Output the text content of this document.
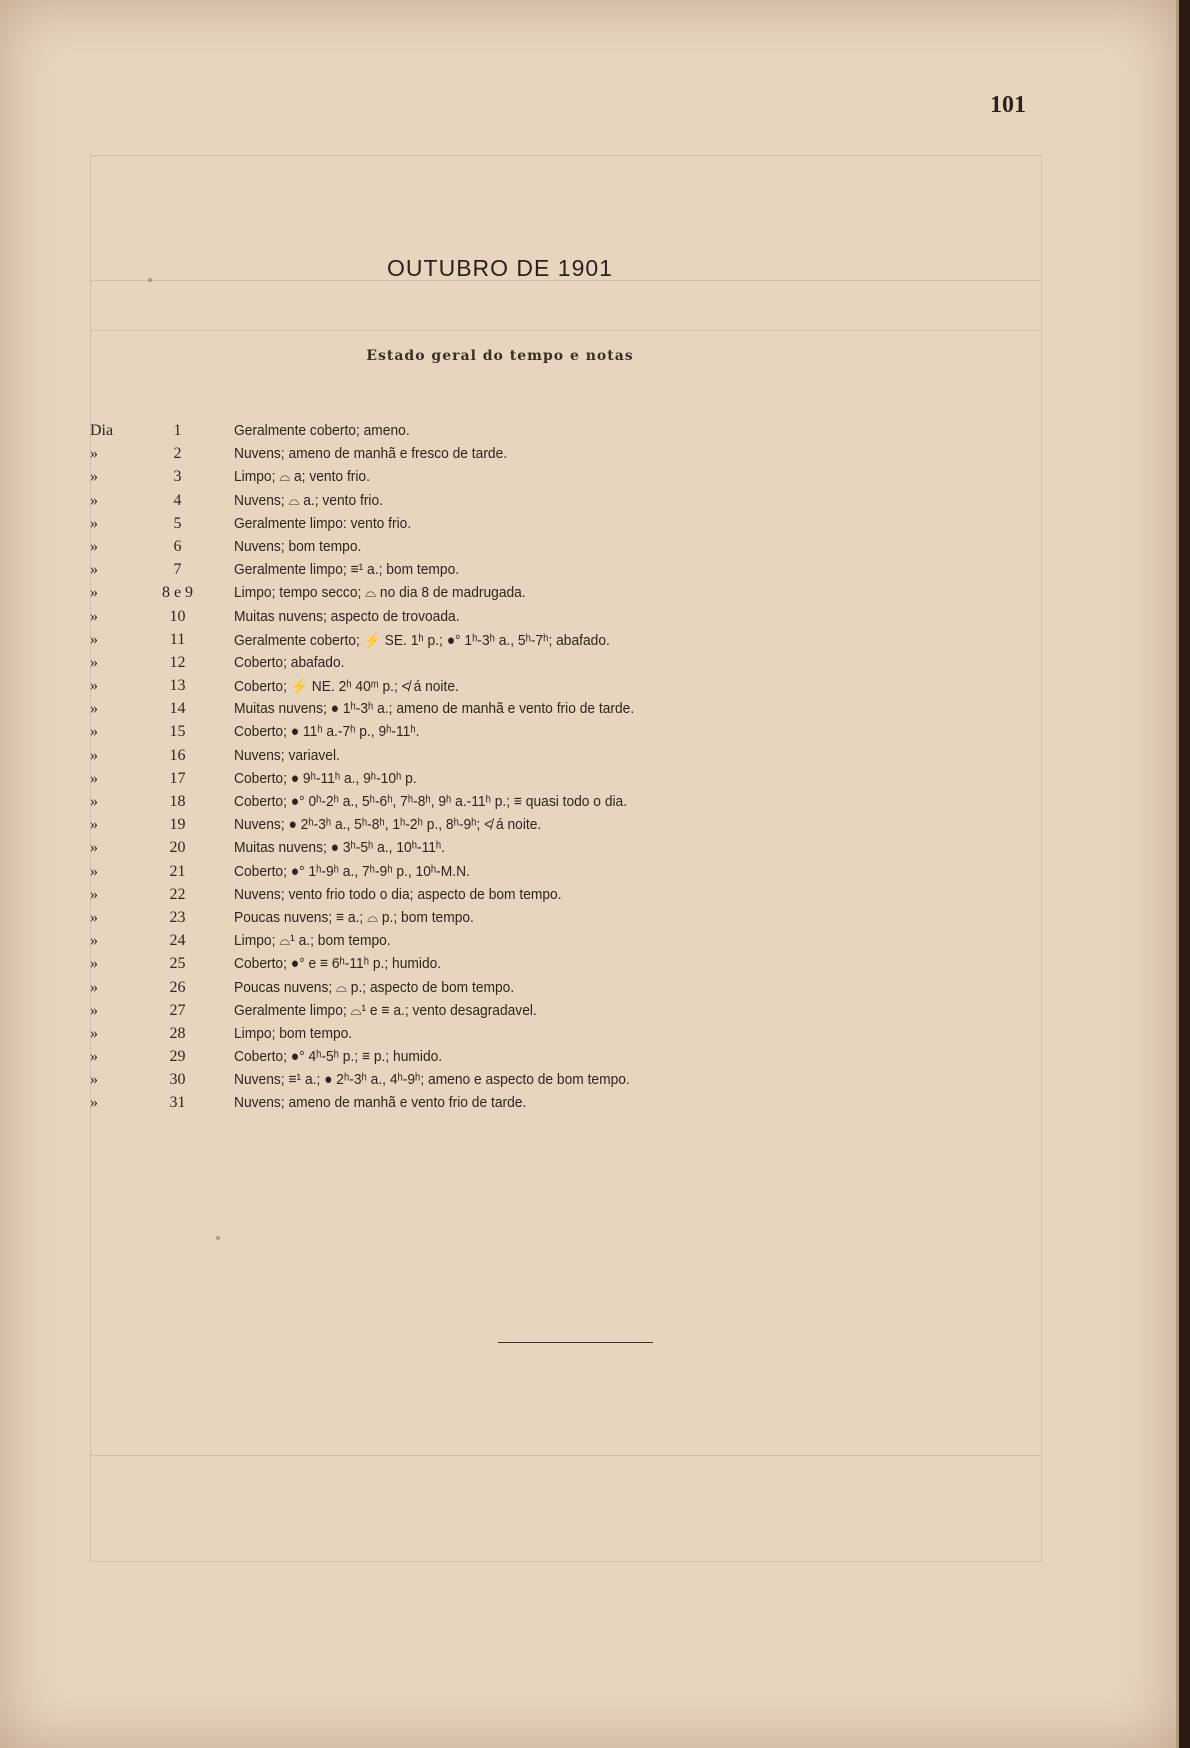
101
OUTUBRO DE 1901
Estado geral do tempo e notas
Dia	1	Geralmente coberto; ameno.
»	2	Nuvens; ameno de manhã e fresco de tarde.
»	3	Limpo; ⌓ a; vento frio.
»	4	Nuvens; ⌓ a.; vento frio.
»	5	Geralmente limpo: vento frio.
»	6	Nuvens; bom tempo.
»	7	Geralmente limpo; ≡¹ a.; bom tempo.
»	8 e 9	Limpo; tempo secco; ⌓ no dia 8 de madrugada.
»	10	Muitas nuvens; aspecto de trovoada.
»	11	Geralmente coberto; ⚡ SE. 1ʰ p.; ●° 1ʰ-3ʰ a., 5ʰ-7ʰ; abafado.
»	12	Coberto; abafado.
»	13	Coberto; ⚡ NE. 2ʰ 40ᵐ p.; ≮ á noite.
»	14	Muitas nuvens; ● 1ʰ-3ʰ a.; ameno de manhã e vento frio de tarde.
»	15	Coberto; ● 11ʰ a.-7ʰ p., 9ʰ-11ʰ.
»	16	Nuvens; variavel.
»	17	Coberto; ● 9ʰ-11ʰ a., 9ʰ-10ʰ p.
»	18	Coberto; ●° 0ʰ-2ʰ a., 5ʰ-6ʰ, 7ʰ-8ʰ, 9ʰ a.-11ʰ p.; ≡ quasi todo o dia.
»	19	Nuvens; ● 2ʰ-3ʰ a., 5ʰ-8ʰ, 1ʰ-2ʰ p., 8ʰ-9ʰ; ≮ á noite.
»	20	Muitas nuvens; ● 3ʰ-5ʰ a., 10ʰ-11ʰ.
»	21	Coberto; ●° 1ʰ-9ʰ a., 7ʰ-9ʰ p., 10ʰ-M.N.
»	22	Nuvens; vento frio todo o dia; aspecto de bom tempo.
»	23	Poucas nuvens; ≡ a.; ⌓ p.; bom tempo.
»	24	Limpo; ⌓¹ a.; bom tempo.
»	25	Coberto; ●° e ≡ 6ʰ-11ʰ p.; humido.
»	26	Poucas nuvens; ⌓ p.; aspecto de bom tempo.
»	27	Geralmente limpo; ⌓¹ e ≡ a.; vento desagradavel.
»	28	Limpo; bom tempo.
»	29	Coberto; ●° 4ʰ-5ʰ p.; ≡ p.; humido.
»	30	Nuvens; ≡¹ a.; ● 2ʰ-3ʰ a., 4ʰ-9ʰ; ameno e aspecto de bom tempo.
»	31	Nuvens; ameno de manhã e vento frio de tarde.
